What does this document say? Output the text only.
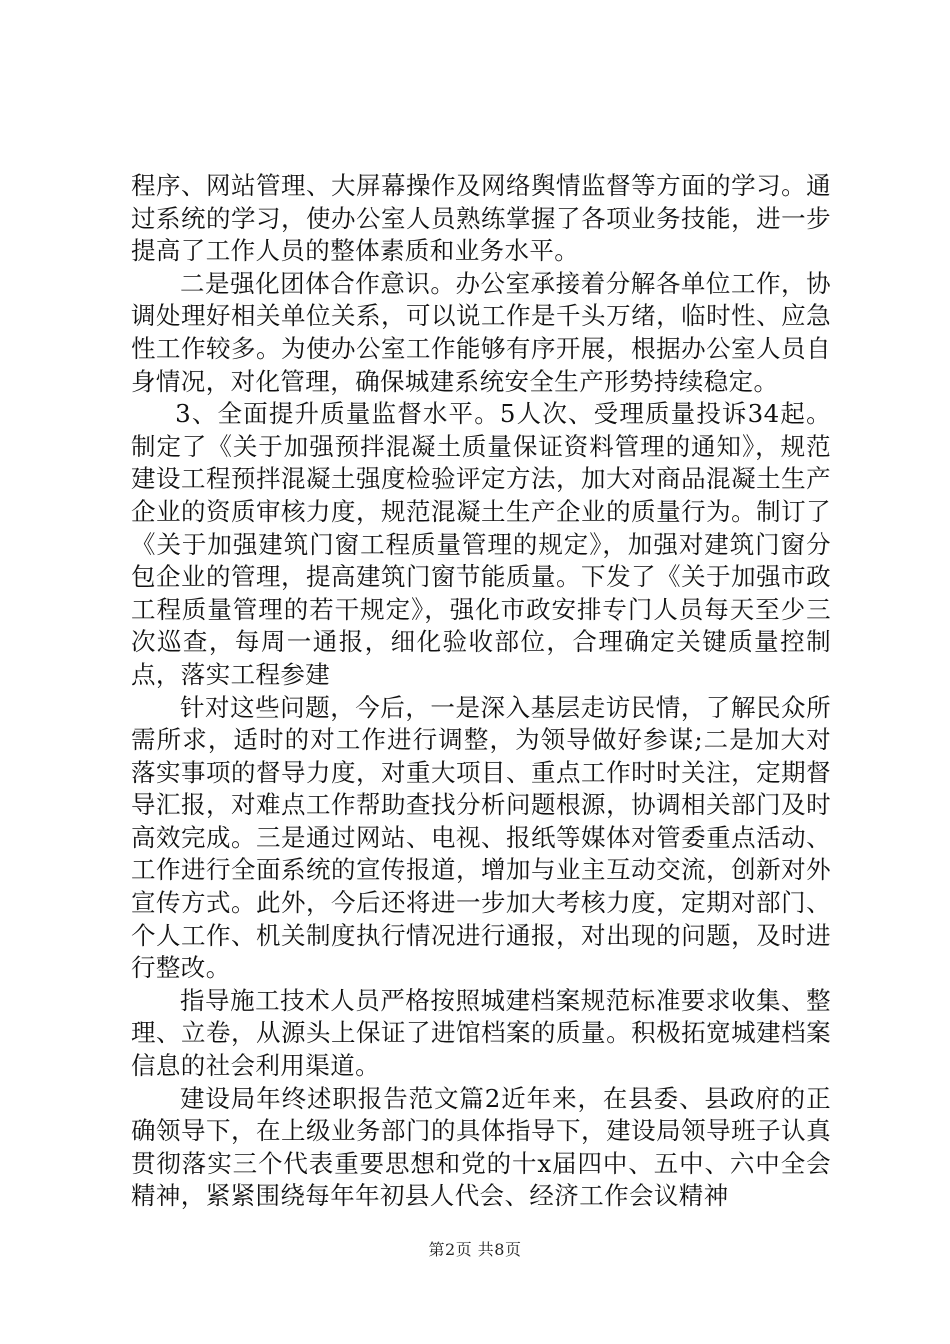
程序、网站管理、大屏幕操作及网络舆情监督等方面的学习。通过系统的学习，使办公室人员熟练掌握了各项业务技能，进一步提高了工作人员的整体素质和业务水平。

二是强化团体合作意识。办公室承接着分解各单位工作，协调处理好相关单位关系，可以说工作是千头万绪，临时性、应急性工作较多。为使办公室工作能够有序开展，根据办公室人员自身情况，对化管理，确保城建系统安全生产形势持续稳定。

3、全面提升质量监督水平。5人次、受理质量投诉34起。制定了《关于加强预拌混凝土质量保证资料管理的通知》，规范建设工程预拌混凝土强度检验评定方法，加大对商品混凝土生产企业的资质审核力度，规范混凝土生产企业的质量行为。制订了《关于加强建筑门窗工程质量管理的规定》，加强对建筑门窗分包企业的管理，提高建筑门窗节能质量。下发了《关于加强市政工程质量管理的若干规定》，强化市政安排专门人员每天至少三次巡查，每周一通报，细化验收部位，合理确定关键质量控制点，落实工程参建

针对这些问题，今后，一是深入基层走访民情，了解民众所需所求，适时的对工作进行调整，为领导做好参谋;二是加大对落实事项的督导力度，对重大项目、重点工作时时关注，定期督导汇报，对难点工作帮助查找分析问题根源，协调相关部门及时高效完成。三是通过网站、电视、报纸等媒体对管委重点活动、工作进行全面系统的宣传报道，增加与业主互动交流，创新对外宣传方式。此外，今后还将进一步加大考核力度，定期对部门、个人工作、机关制度执行情况进行通报，对出现的问题，及时进行整改。

指导施工技术人员严格按照城建档案规范标准要求收集、整理、立卷，从源头上保证了进馆档案的质量。积极拓宽城建档案信息的社会利用渠道。

建设局年终述职报告范文篇2近年来，在县委、县政府的正确领导下，在上级业务部门的具体指导下，建设局领导班子认真贯彻落实三个代表重要思想和党的十x届四中、五中、六中全会精神，紧紧围绕每年年初县人代会、经济工作会议精神

第2页 共8页
